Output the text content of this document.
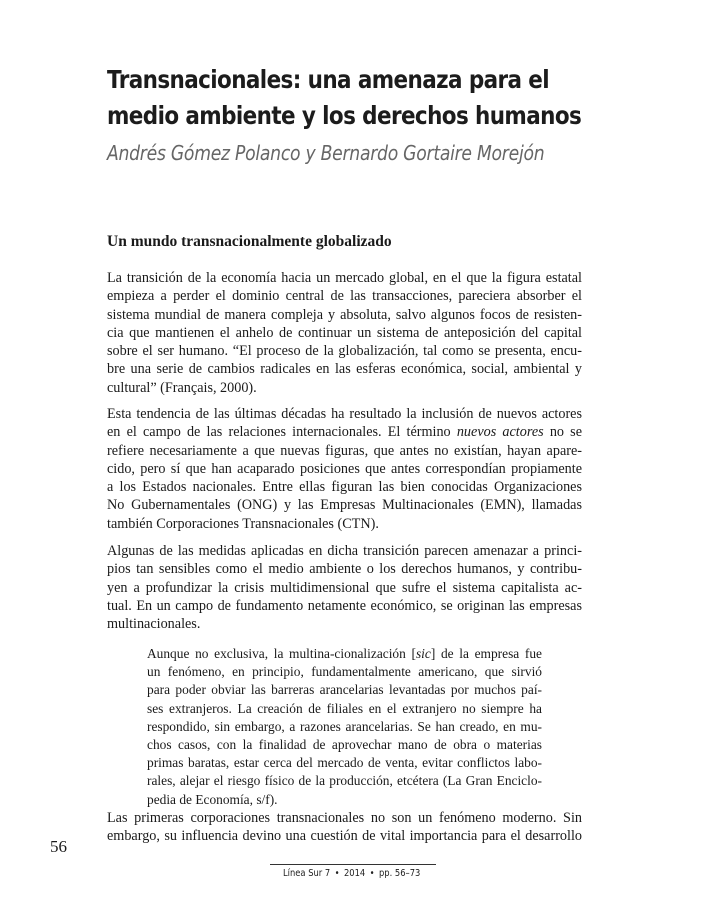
Transnacionales: una amenaza para el
medio ambiente y los derechos humanos

Andrés Gómez Polanco y Bernardo Gortaire Morejón

Un mundo transnacionalmente globalizado
La transición de la economía hacia un mercado global, en el que la figura estatal
empieza a perder el dominio central de las transacciones, pareciera absorber el
sistema mundial de manera compleja y absoluta, salvo algunos focos de resisten-
cia que mantienen el anhelo de continuar un sistema de anteposición del capital
sobre el ser humano. “El proceso de la globalización, tal como se presenta, encu-
bre una serie de cambios radicales en las esferas económica, social, ambiental y
cultural” (Français, 2000).
Esta tendencia de las últimas décadas ha resultado la inclusión de nuevos actores
en el campo de las relaciones internacionales. El término nuevos actores no se
refiere necesariamente a que nuevas figuras, que antes no existían, hayan apare-
cido, pero sí que han acaparado posiciones que antes correspondían propiamente
a los Estados nacionales. Entre ellas figuran las bien conocidas Organizaciones
No Gubernamentales (ONG) y las Empresas Multinacionales (EMN), llamadas
también Corporaciones Transnacionales (CTN).
Algunas de las medidas aplicadas en dicha transición parecen amenazar a princi-
pios tan sensibles como el medio ambiente o los derechos humanos, y contribu-
yen a profundizar la crisis multidimensional que sufre el sistema capitalista ac-
tual. En un campo de fundamento netamente económico, se originan las empresas
multinacionales.
Aunque no exclusiva, la multina-cionalización [sic] de la empresa fue
un fenómeno, en principio, fundamentalmente americano, que sirvió
para poder obviar las barreras arancelarias levantadas por muchos paí-
ses extranjeros. La creación de filiales en el extranjero no siempre ha
respondido, sin embargo, a razones arancelarias. Se han creado, en mu-
chos casos, con la finalidad de aprovechar mano de obra o materias
primas baratas, estar cerca del mercado de venta, evitar conflictos labo-
rales, alejar el riesgo físico de la producción, etcétera (La Gran Enciclo-
pedia de Economía, s/f).
Las primeras corporaciones transnacionales no son un fenómeno moderno. Sin
embargo, su influencia devino una cuestión de vital importancia para el desarrollo
56
Línea Sur 7 • 2014 • pp. 56–73
